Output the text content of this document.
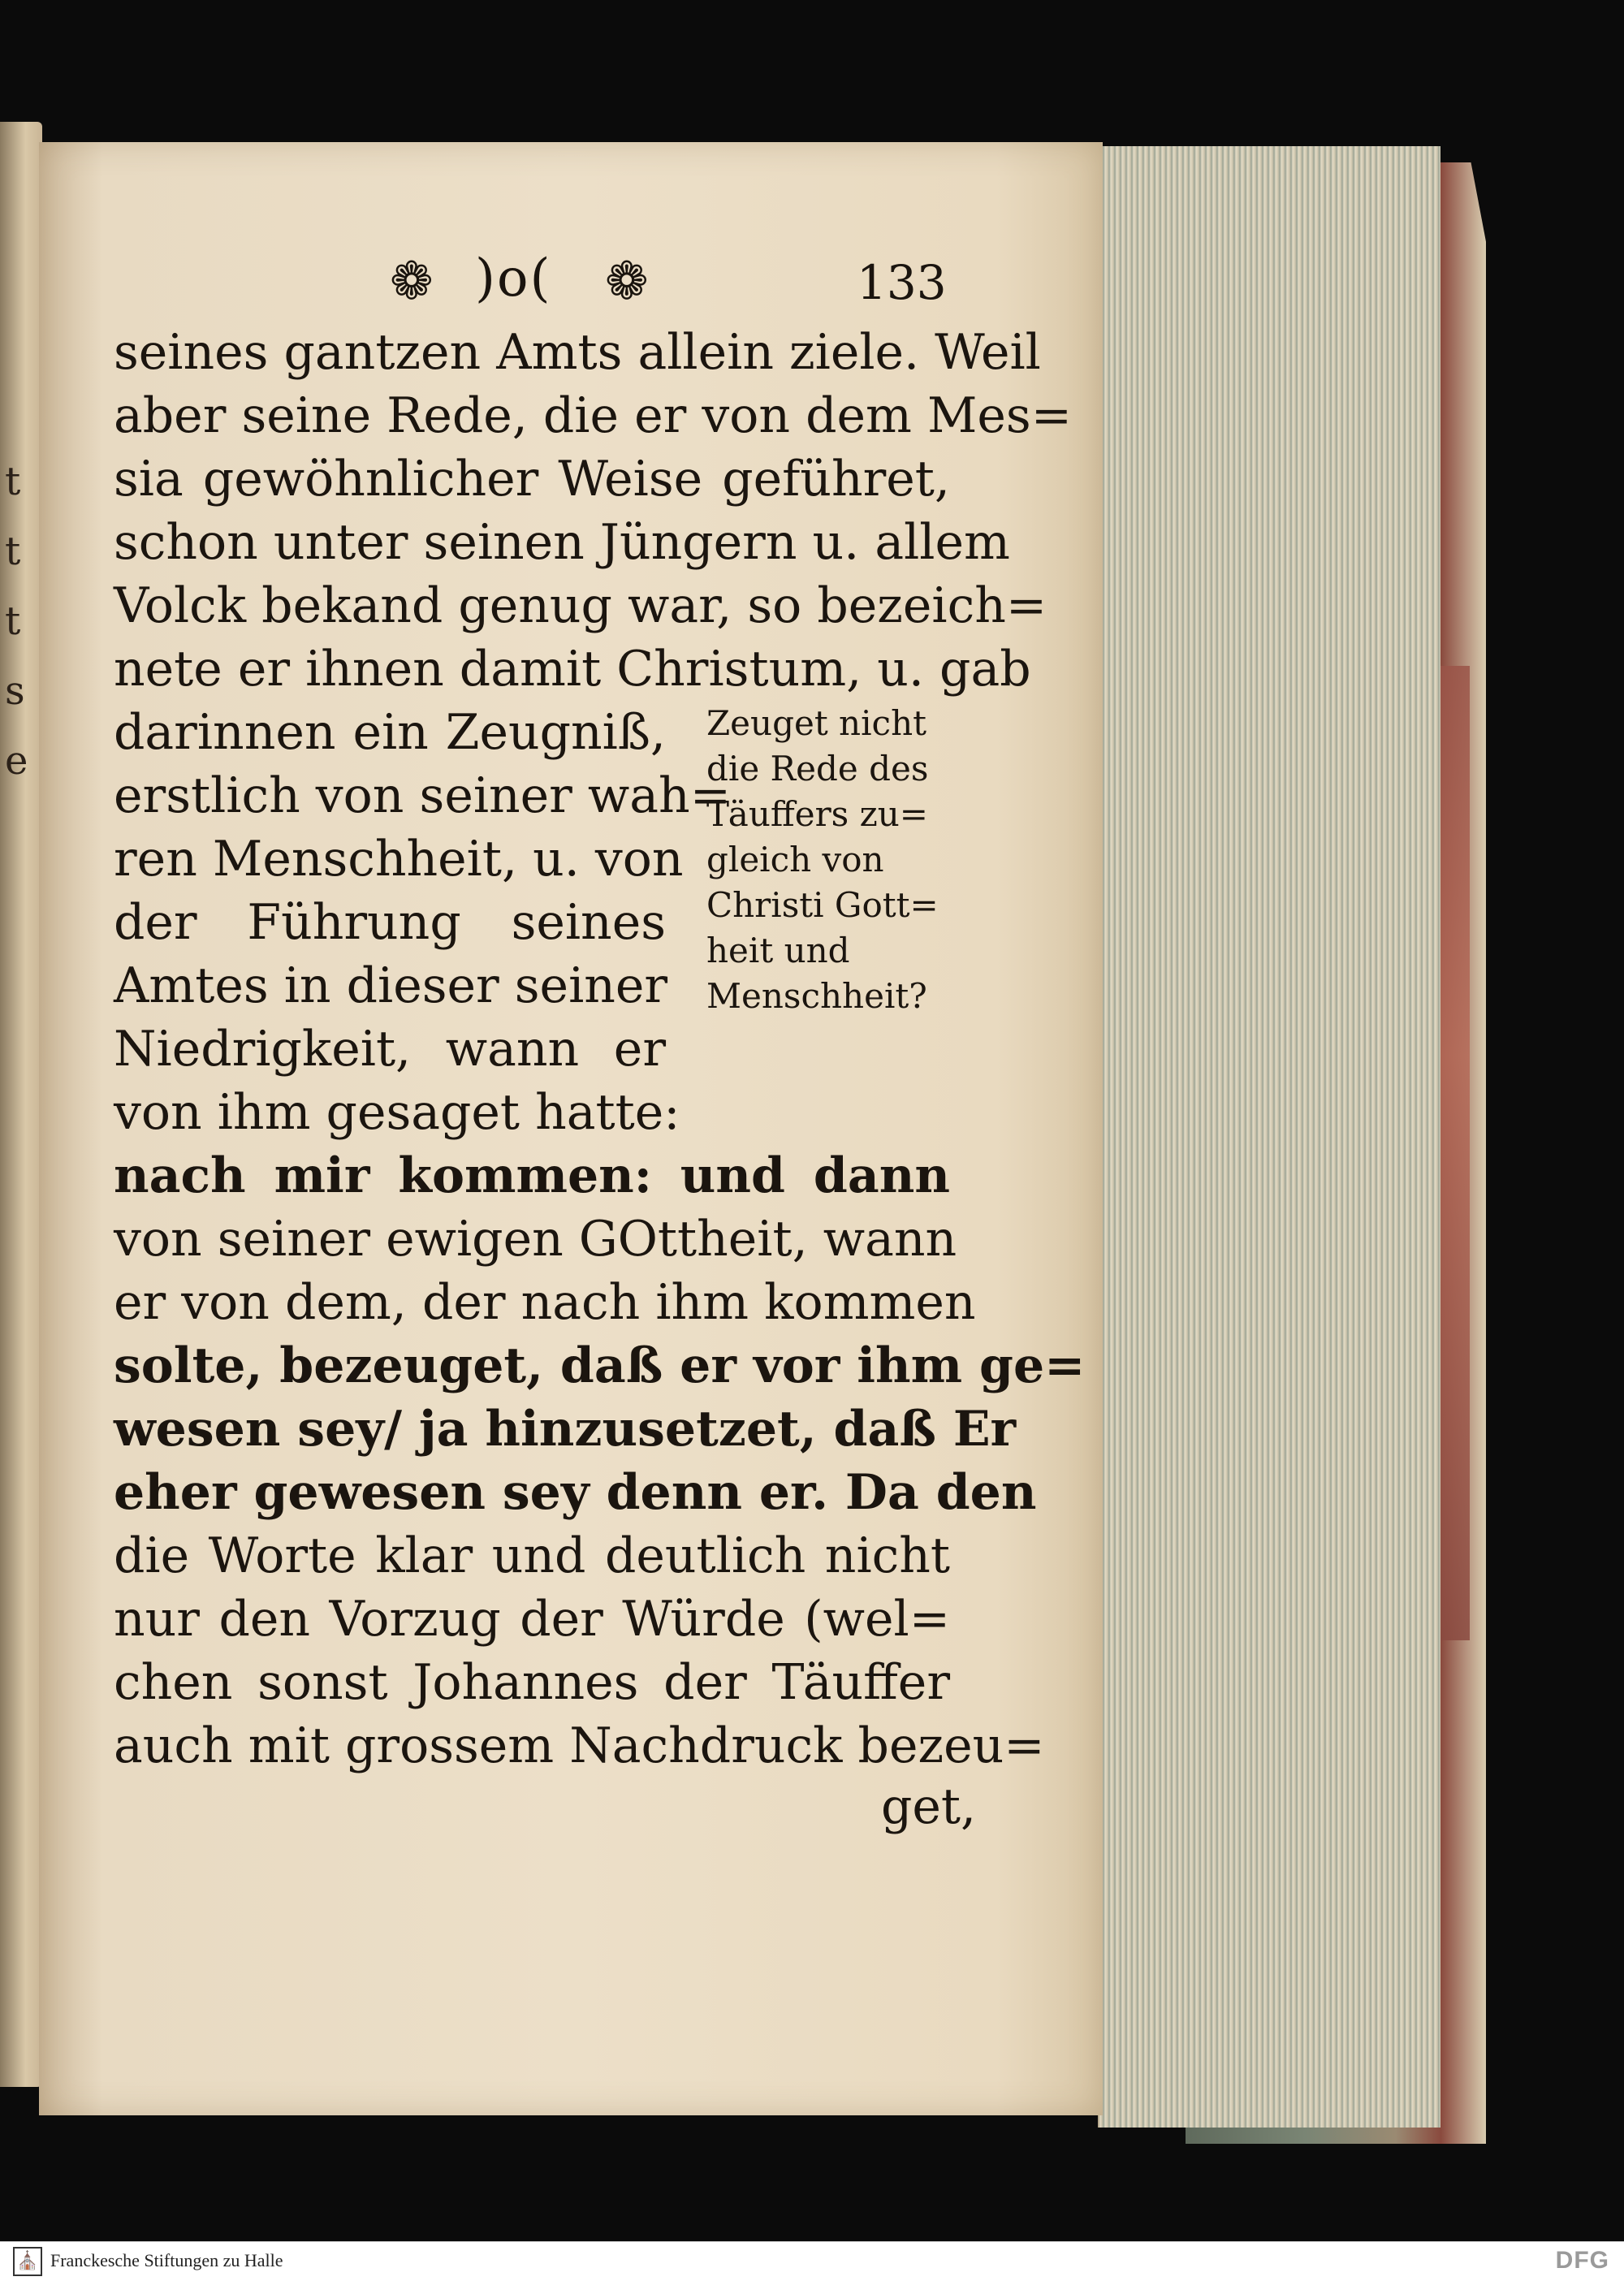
t
t
t
s
e
❁ )o( ❁	133
seines gantzen Amts allein ziele. Weil
aber seine Rede, die er von dem Mes=
sia gewöhnlicher Weise geführet,
schon unter seinen Jüngern u. allem
Volck bekand genug war, so bezeich=
nete er ihnen damit Christum, u. gab
darinnen ein Zeugniß,
erstlich von seiner wah=
ren Menschheit, u. von
der Führung seines
Amtes in dieser seiner
Niedrigkeit, wann er
von ihm gesaget hatte:
Zeuget nicht
die Rede des
Täuffers zu=
gleich von
Christi Gott=
heit und
Menschheit?
nach mir kommen: und dann
von seiner ewigen GOttheit, wann
er von dem, der nach ihm kommen
solte, bezeuget, daß er vor ihm ge=
wesen sey/ ja hinzusetzet, daß Er
eher gewesen sey denn er. Da den
die Worte klar und deutlich nicht
nur den Vorzug der Würde (wel=
chen sonst Johannes der Täuffer
auch mit grossem Nachdruck bezeu=
get,
⛪ Franckesche Stiftungen zu Halle	DFG
